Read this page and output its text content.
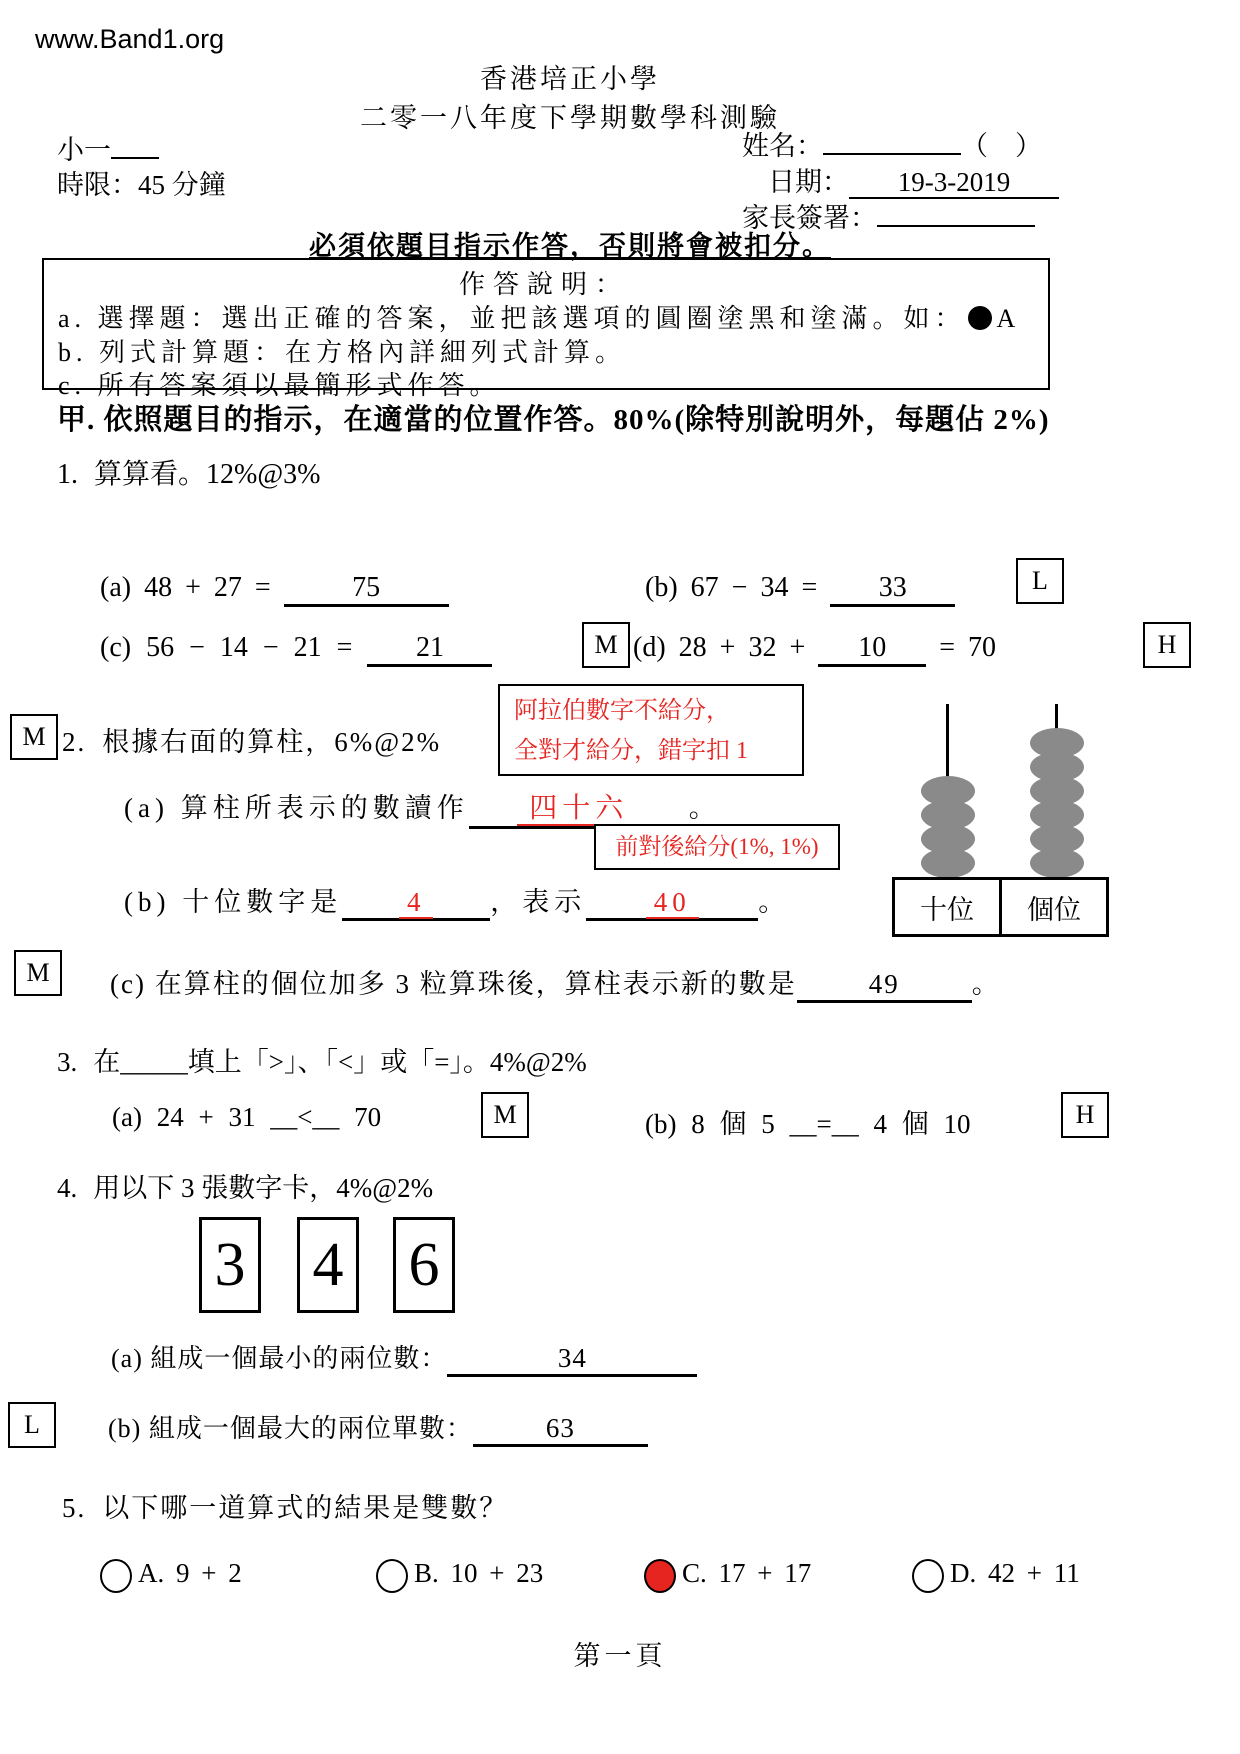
www.Band1.org
香港培正小學
二零一八年度下學期數學科測驗
小一
時限：45 分鐘
姓名：	（　）
日期： 19-3-2019
家長簽署：
必須依題目指示作答，否則將會被扣分。
作答說明：
a. 選擇題：選出正確的答案，並把該選項的圓圈塗黑和塗滿。如： A
b. 列式計算題：在方格內詳細列式計算。
c. 所有答案須以最簡形式作答。
甲. 依照題目的指示，在適當的位置作答。80%(除特別說明外，每題佔 2%)
1. 算算看。12%@3%
(a) 48 + 27 =	75	(b) 67 − 34 = 33	L
(c) 56 − 14 − 21 = 21	M (d) 28 + 32 + 10 = 70	H
阿拉伯數字不給分，
全對才給分，錯字扣 1
M 2. 根據右面的算柱，6%@2%
(a) 算柱所表示的數讀作 四十六 。
前對後給分(1%, 1%)
(b) 十位數字是 4 ，表示	40	。	十位 個位
M	(c) 在算柱的個位加多 3 粒算珠後，算柱表示新的數是	49	。
3. 在_____填上「>」、「<」或「=」。4%@2%
(a) 24 + 31 __<__ 70	M	(b) 8 個 5 __=__ 4 個 10	H
4. 用以下 3 張數字卡，4%@2%
3 4 6
(a) 組成一個最小的兩位數：	34
L	(b) 組成一個最大的兩位單數：	63
5. 以下哪一道算式的結果是雙數？
A. 9 + 2	B. 10 + 23	C. 17 + 17	D. 42 + 11
第一頁
